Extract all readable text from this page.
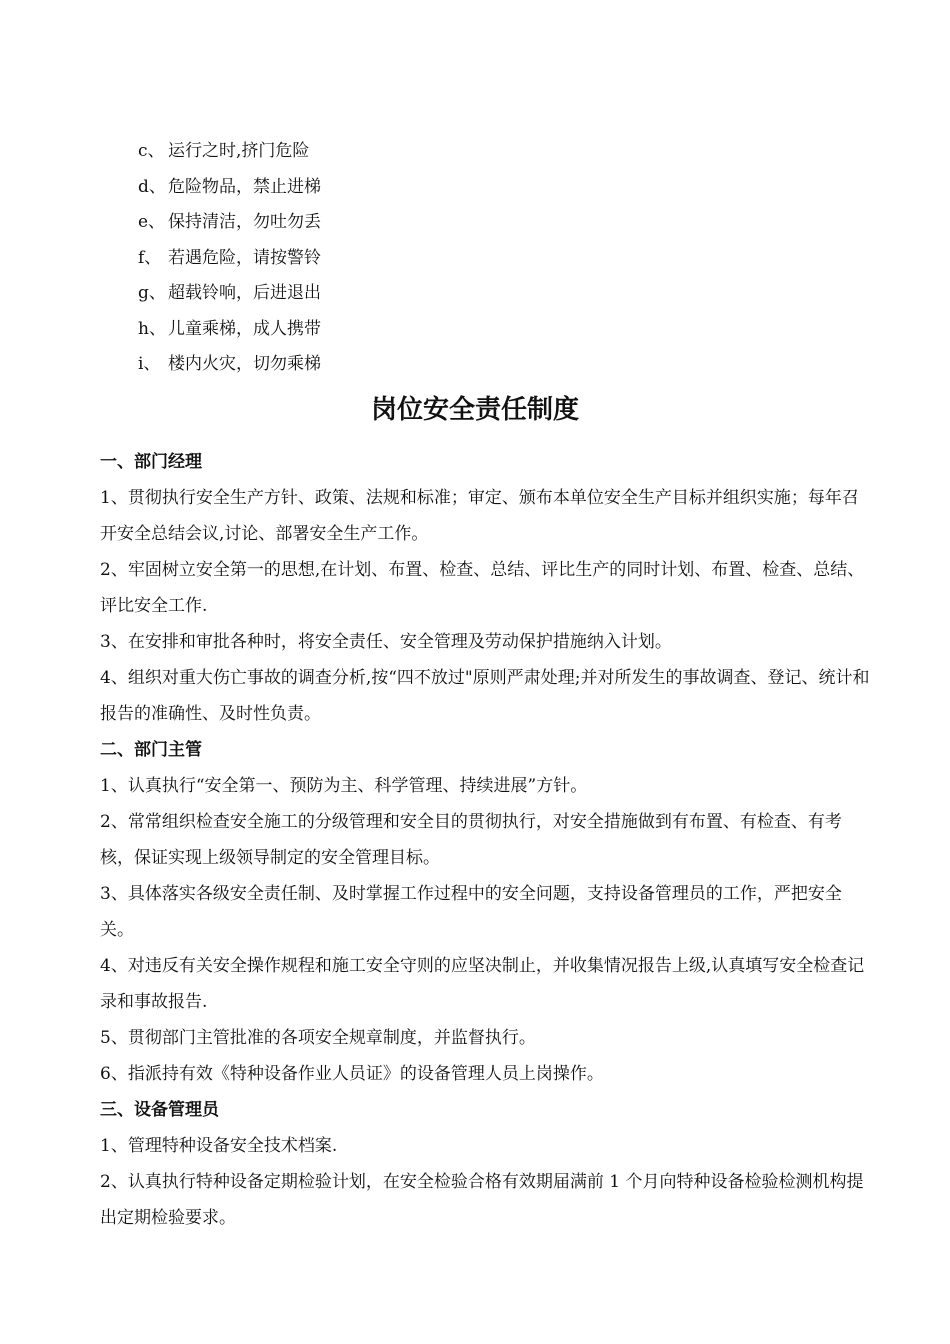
c、 运行之时,挤门危险
d、 危险物品，禁止进梯
e、 保持清洁，勿吐勿丢
f、 若遇危险，请按警铃
g、 超载铃响，后进退出
h、 儿童乘梯，成人携带
i、 楼内火灾，切勿乘梯
岗位安全责任制度
一、部门经理
1、贯彻执行安全生产方针、政策、法规和标准；审定、颁布本单位安全生产目标并组织实施；每年召开安全总结会议,讨论、部署安全生产工作。
2、牢固树立安全第一的思想,在计划、布置、检查、总结、评比生产的同时计划、布置、检查、总结、评比安全工作.
3、在安排和审批各种时，将安全责任、安全管理及劳动保护措施纳入计划。
4、组织对重大伤亡事故的调查分析,按“四不放过"原则严肃处理;并对所发生的事故调查、登记、统计和报告的准确性、及时性负责。
二、部门主管
1、认真执行“安全第一、预防为主、科学管理、持续进展”方针。
2、常常组织检查安全施工的分级管理和安全目的贯彻执行，对安全措施做到有布置、有检查、有考核，保证实现上级领导制定的安全管理目标。
3、具体落实各级安全责任制、及时掌握工作过程中的安全问题，支持设备管理员的工作，严把安全关。
4、对违反有关安全操作规程和施工安全守则的应坚决制止，并收集情况报告上级,认真填写安全检查记录和事故报告.
5、贯彻部门主管批准的各项安全规章制度，并监督执行。
6、指派持有效《特种设备作业人员证》的设备管理人员上岗操作。
三、设备管理员
1、管理特种设备安全技术档案.
2、认真执行特种设备定期检验计划，在安全检验合格有效期届满前 1 个月向特种设备检验检测机构提出定期检验要求。
